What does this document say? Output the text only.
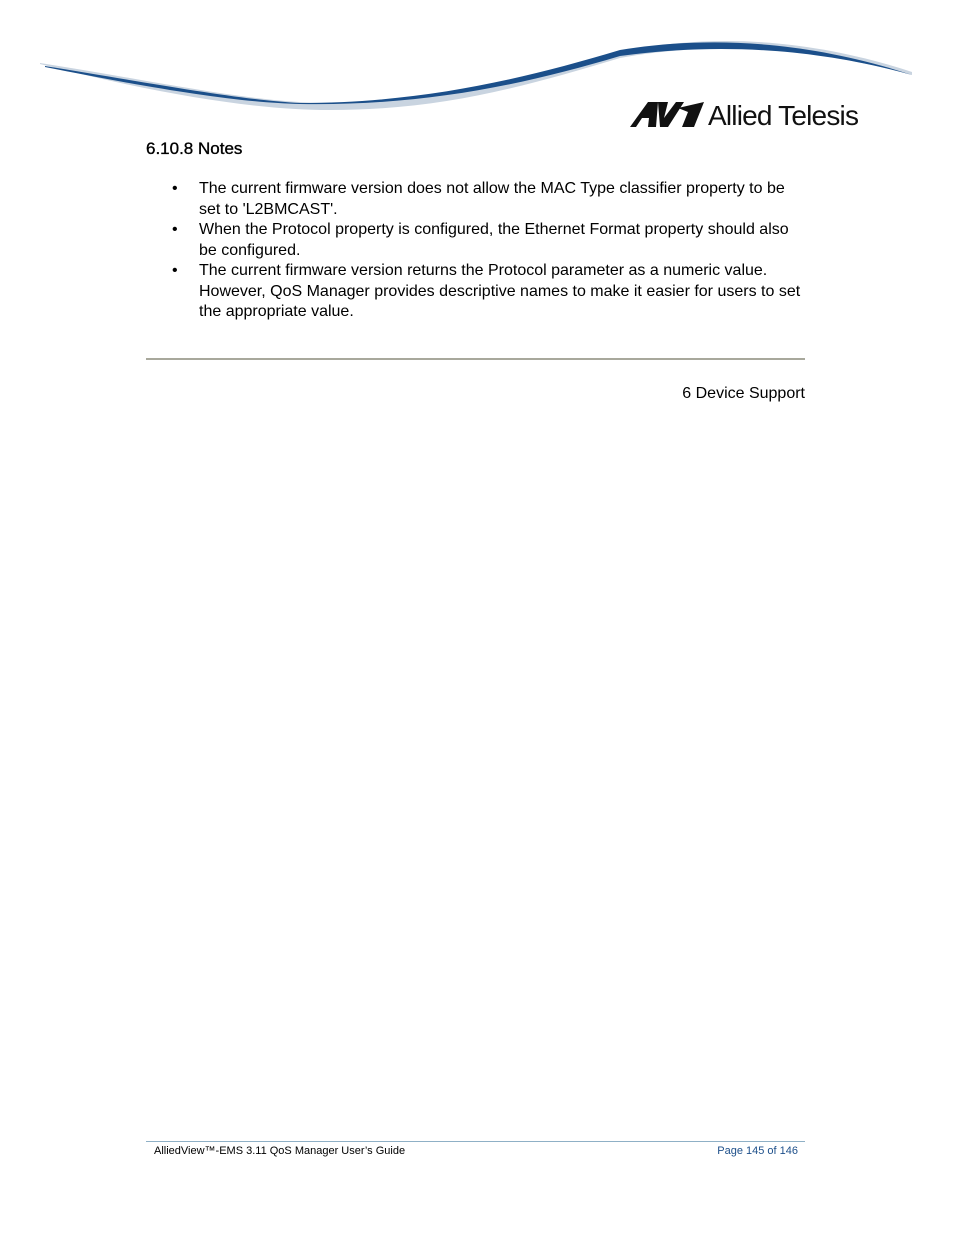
Allied Telesis
6.10.8 Notes
• The current firmware version does not allow the MAC Type classifier property to be set to 'L2BMCAST'.
• When the Protocol property is configured, the Ethernet Format property should also be configured.
• The current firmware version returns the Protocol parameter as a numeric value. However, QoS Manager provides descriptive names to make it easier for users to set the appropriate value.
6 Device Support
AlliedView™-EMS 3.11 QoS Manager User’s Guide	Page 145 of 146
